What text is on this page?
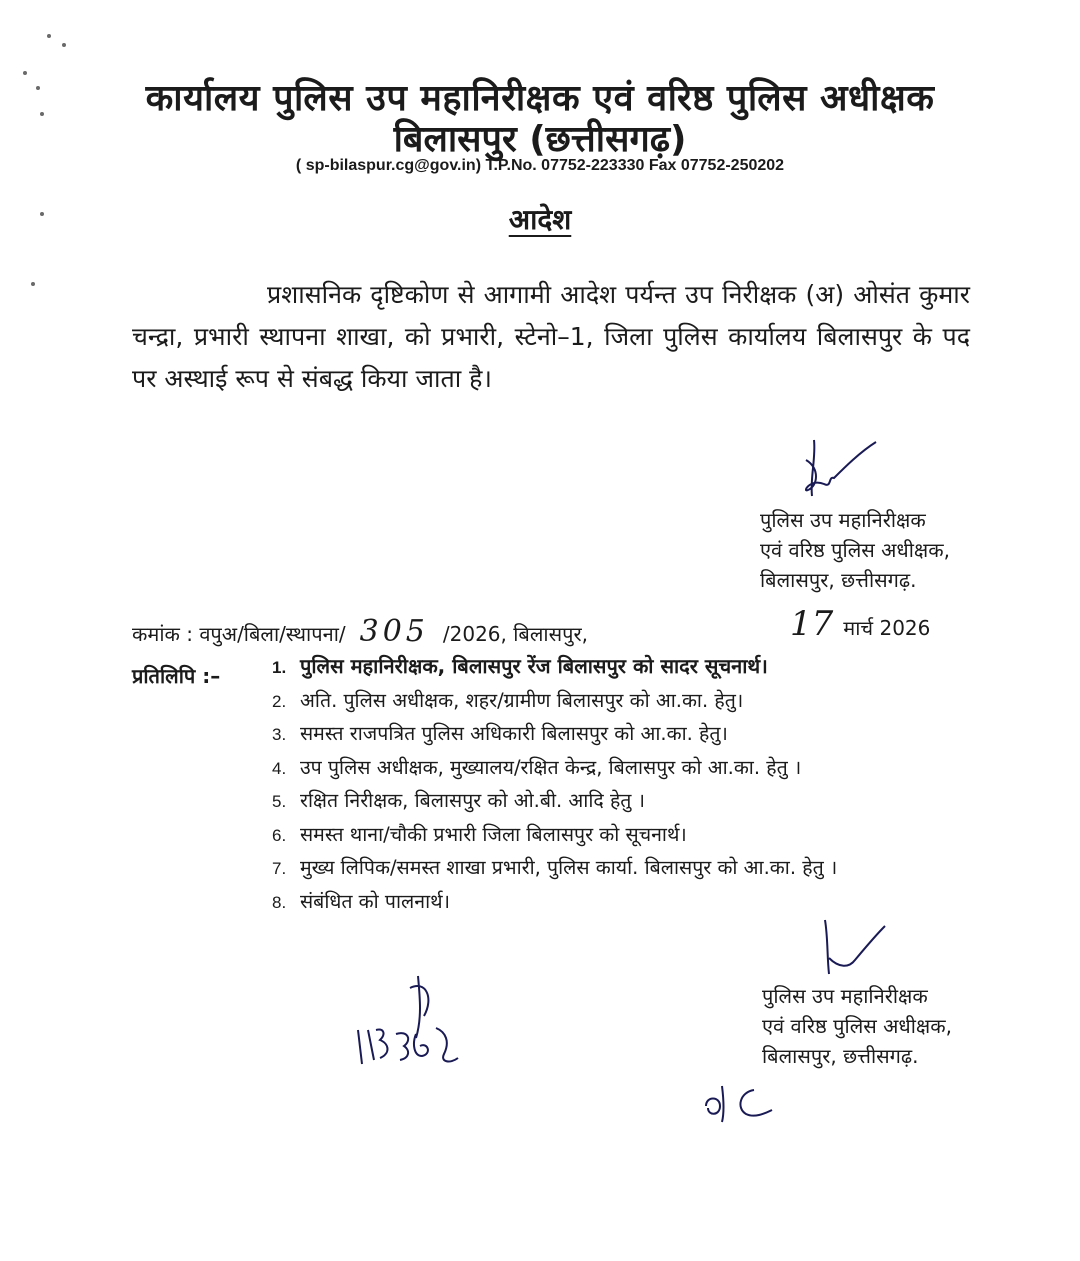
कार्यालय पुलिस उप महानिरीक्षक एवं वरिष्ठ पुलिस अधीक्षक
बिलासपुर (छत्तीसगढ़)
( sp-bilaspur.cg@gov.in) T.P.No. 07752-223330 Fax 07752-250202
आदेश

प्रशासनिक दृष्टिकोण से आगामी आदेश पर्यन्त उप निरीक्षक (अ) ओसंत कुमार चन्द्रा, प्रभारी स्थापना शाखा, को प्रभारी, स्टेनो–1, जिला पुलिस कार्यालय बिलासपुर के पद पर अस्थाई रूप से संबद्ध किया जाता है।

पुलिस उप महानिरीक्षक
एवं वरिष्ठ पुलिस अधीक्षक,
बिलासपुर, छत्तीसगढ़.
कमांक : वपुअ/बिला/स्थापना/ 305 /2026, बिलासपुर,	17 मार्च 2026
प्रतिलिपि :–	1. पुलिस महानिरीक्षक, बिलासपुर रेंज बिलासपुर को सादर सूचनार्थ।
2. अति. पुलिस अधीक्षक, शहर/ग्रामीण बिलासपुर को आ.का. हेतु।
3. समस्त राजपत्रित पुलिस अधिकारी बिलासपुर को आ.का. हेतु।
4. उप पुलिस अधीक्षक, मुख्यालय/रक्षित केन्द्र, बिलासपुर को आ.का. हेतु ।
5. रक्षित निरीक्षक, बिलासपुर को ओ.बी. आदि हेतु ।
6. समस्त थाना/चौकी प्रभारी जिला बिलासपुर को सूचनार्थ।
7. मुख्य लिपिक/समस्त शाखा प्रभारी, पुलिस कार्या. बिलासपुर को आ.का. हेतु ।
8. संबंधित को पालनार्थ।
पुलिस उप महानिरीक्षक
एवं वरिष्ठ पुलिस अधीक्षक,
बिलासपुर, छत्तीसगढ़.
